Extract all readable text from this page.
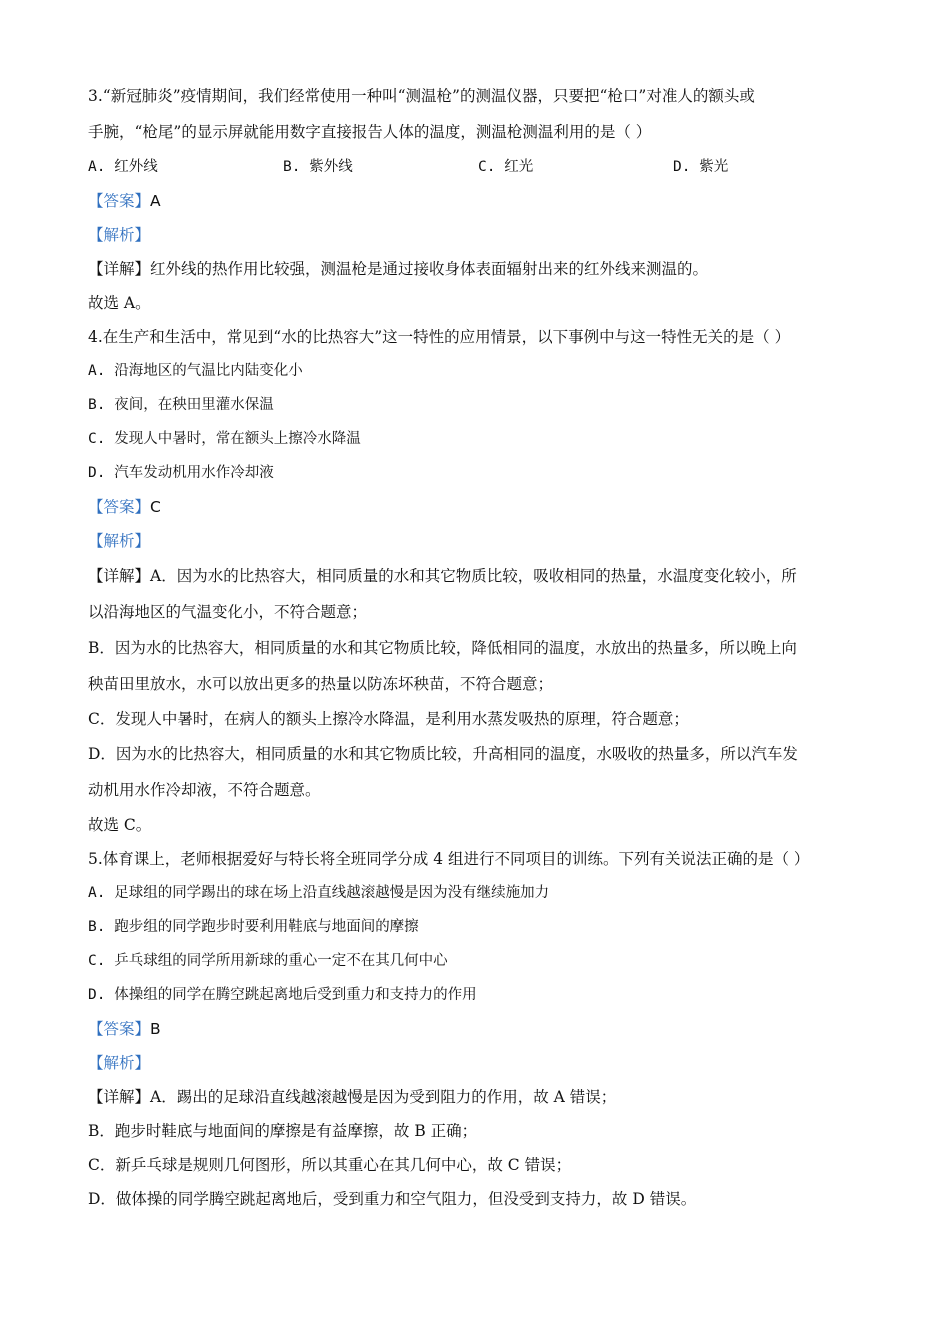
3.“新冠肺炎”疫情期间，我们经常使用一种叫“测温枪”的测温仪器，只要把“枪口”对准人的额头或

手腕，“枪尾”的显示屏就能用数字直接报告人体的温度，测温枪测温利用的是（ ）

A. 红外线	B. 紫外线	C. 红光	D. 紫光

【答案】A

【解析】

【详解】红外线的热作用比较强，测温枪是通过接收身体表面辐射出来的红外线来测温的。

故选 A。

4.在生产和生活中，常见到“水的比热容大”这一特性的应用情景，以下事例中与这一特性无关的是（ ）

A. 沿海地区的气温比内陆变化小

B. 夜间，在秧田里灌水保温

C. 发现人中暑时，常在额头上擦冷水降温

D. 汽车发动机用水作冷却液

【答案】C

【解析】

【详解】A．因为水的比热容大，相同质量的水和其它物质比较，吸收相同的热量，水温度变化较小，所

以沿海地区的气温变化小，不符合题意；

B．因为水的比热容大，相同质量的水和其它物质比较，降低相同的温度，水放出的热量多，所以晚上向

秧苗田里放水，水可以放出更多的热量以防冻坏秧苗，不符合题意；

C．发现人中暑时，在病人的额头上擦冷水降温，是利用水蒸发吸热的原理，符合题意；

D．因为水的比热容大，相同质量的水和其它物质比较，升高相同的温度，水吸收的热量多，所以汽车发

动机用水作冷却液，不符合题意。

故选 C。

5.体育课上，老师根据爱好与特长将全班同学分成 4 组进行不同项目的训练。下列有关说法正确的是（ ）

A. 足球组的同学踢出的球在场上沿直线越滚越慢是因为没有继续施加力

B. 跑步组的同学跑步时要利用鞋底与地面间的摩擦

C. 乒乓球组的同学所用新球的重心一定不在其几何中心

D. 体操组的同学在腾空跳起离地后受到重力和支持力的作用

【答案】B

【解析】

【详解】A．踢出的足球沿直线越滚越慢是因为受到阻力的作用，故 A 错误；

B．跑步时鞋底与地面间的摩擦是有益摩擦，故 B 正确；

C．新乒乓球是规则几何图形，所以其重心在其几何中心，故 C 错误；

D．做体操的同学腾空跳起离地后，受到重力和空气阻力，但没受到支持力，故 D 错误。
